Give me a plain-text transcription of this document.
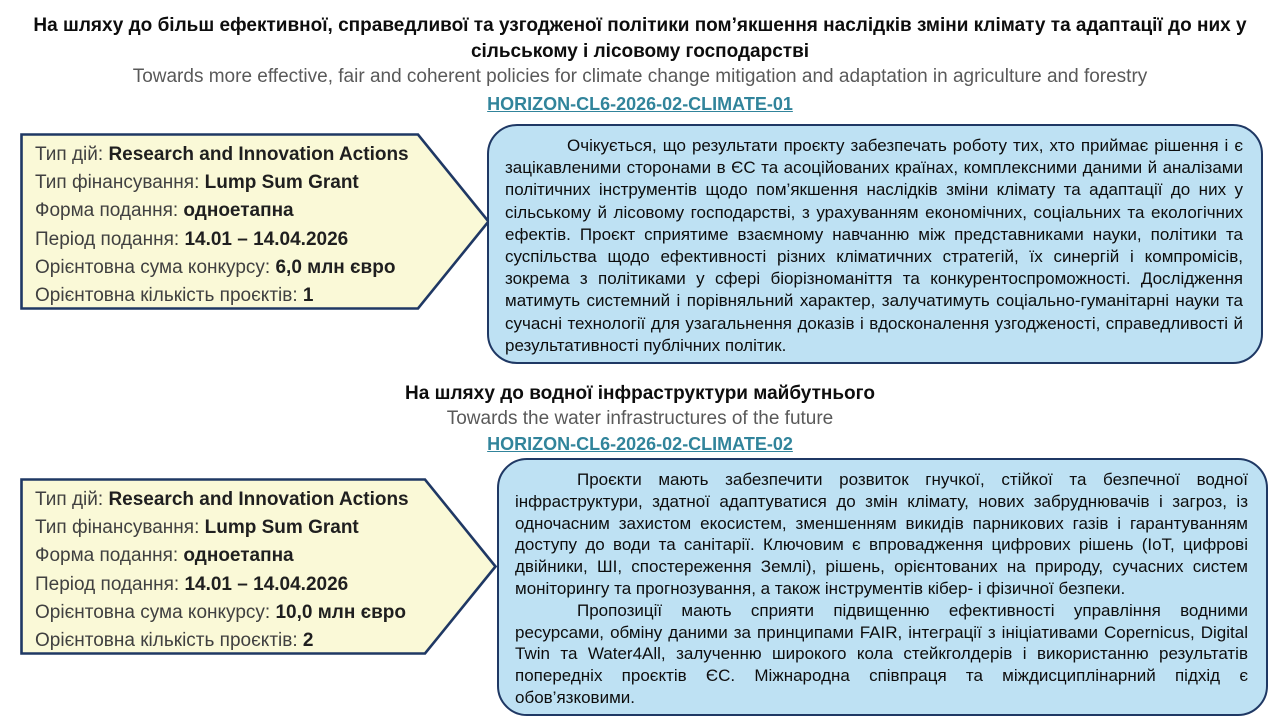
На шляху до більш ефективної, справедливої та узгодженої політики пом’якшення наслідків зміни клімату та адаптації до них у сільському і лісовому господарстві
Towards more effective, fair and coherent policies for climate change mitigation and adaptation in agriculture and forestry
HORIZON-CL6-2026-02-CLIMATE-01
Тип дій: Research and Innovation Actions
Тип фінансування: Lump Sum Grant
Форма подання: одноетапна
Період подання: 14.01 – 14.04.2026
Орієнтовна сума конкурсу: 6,0 млн євро
Орієнтовна кількість проєктів: 1

Очікується, що результати проєкту забезпечать роботу тих, хто приймає рішення і є зацікавленими сторонами в ЄС та асоційованих країнах, комплексними даними й аналізами політичних інструментів щодо пом’якшення наслідків зміни клімату та адаптації до них у сільському й лісовому господарстві, з урахуванням економічних, соціальних та екологічних ефектів. Проєкт сприятиме взаємному навчанню між представниками науки, політики та суспільства щодо ефективності різних кліматичних стратегій, їх синергій і компромісів, зокрема з політиками у сфері біорізноманіття та конкурентоспроможності. Дослідження матимуть системний і порівняльний характер, залучатимуть соціально-гуманітарні науки та сучасні технології для узагальнення доказів і вдосконалення узгодженості, справедливості й результативності публічних політик.

На шляху до водної інфраструктури майбутнього
Towards the water infrastructures of the future
HORIZON-CL6-2026-02-CLIMATE-02
Тип дій: Research and Innovation Actions
Тип фінансування: Lump Sum Grant
Форма подання: одноетапна
Період подання: 14.01 – 14.04.2026
Орієнтовна сума конкурсу: 10,0 млн євро
Орієнтовна кількість проєктів: 2

Проєкти мають забезпечити розвиток гнучкої, стійкої та безпечної водної інфраструктури, здатної адаптуватися до змін клімату, нових забруднювачів і загроз, із одночасним захистом екосистем, зменшенням викидів парникових газів і гарантуванням доступу до води та санітарії. Ключовим є впровадження цифрових рішень (IoT, цифрові двійники, ШІ, спостереження Землі), рішень, орієнтованих на природу, сучасних систем моніторингу та прогнозування, а також інструментів кібер- і фізичної безпеки.

Пропозиції мають сприяти підвищенню ефективності управління водними ресурсами, обміну даними за принципами FAIR, інтеграції з ініціативами Copernicus, Digital Twin та Water4All, залученню широкого кола стейкголдерів і використанню результатів попередніх проєктів ЄС. Міжнародна співпраця та міждисциплінарний підхід є обов’язковими.
